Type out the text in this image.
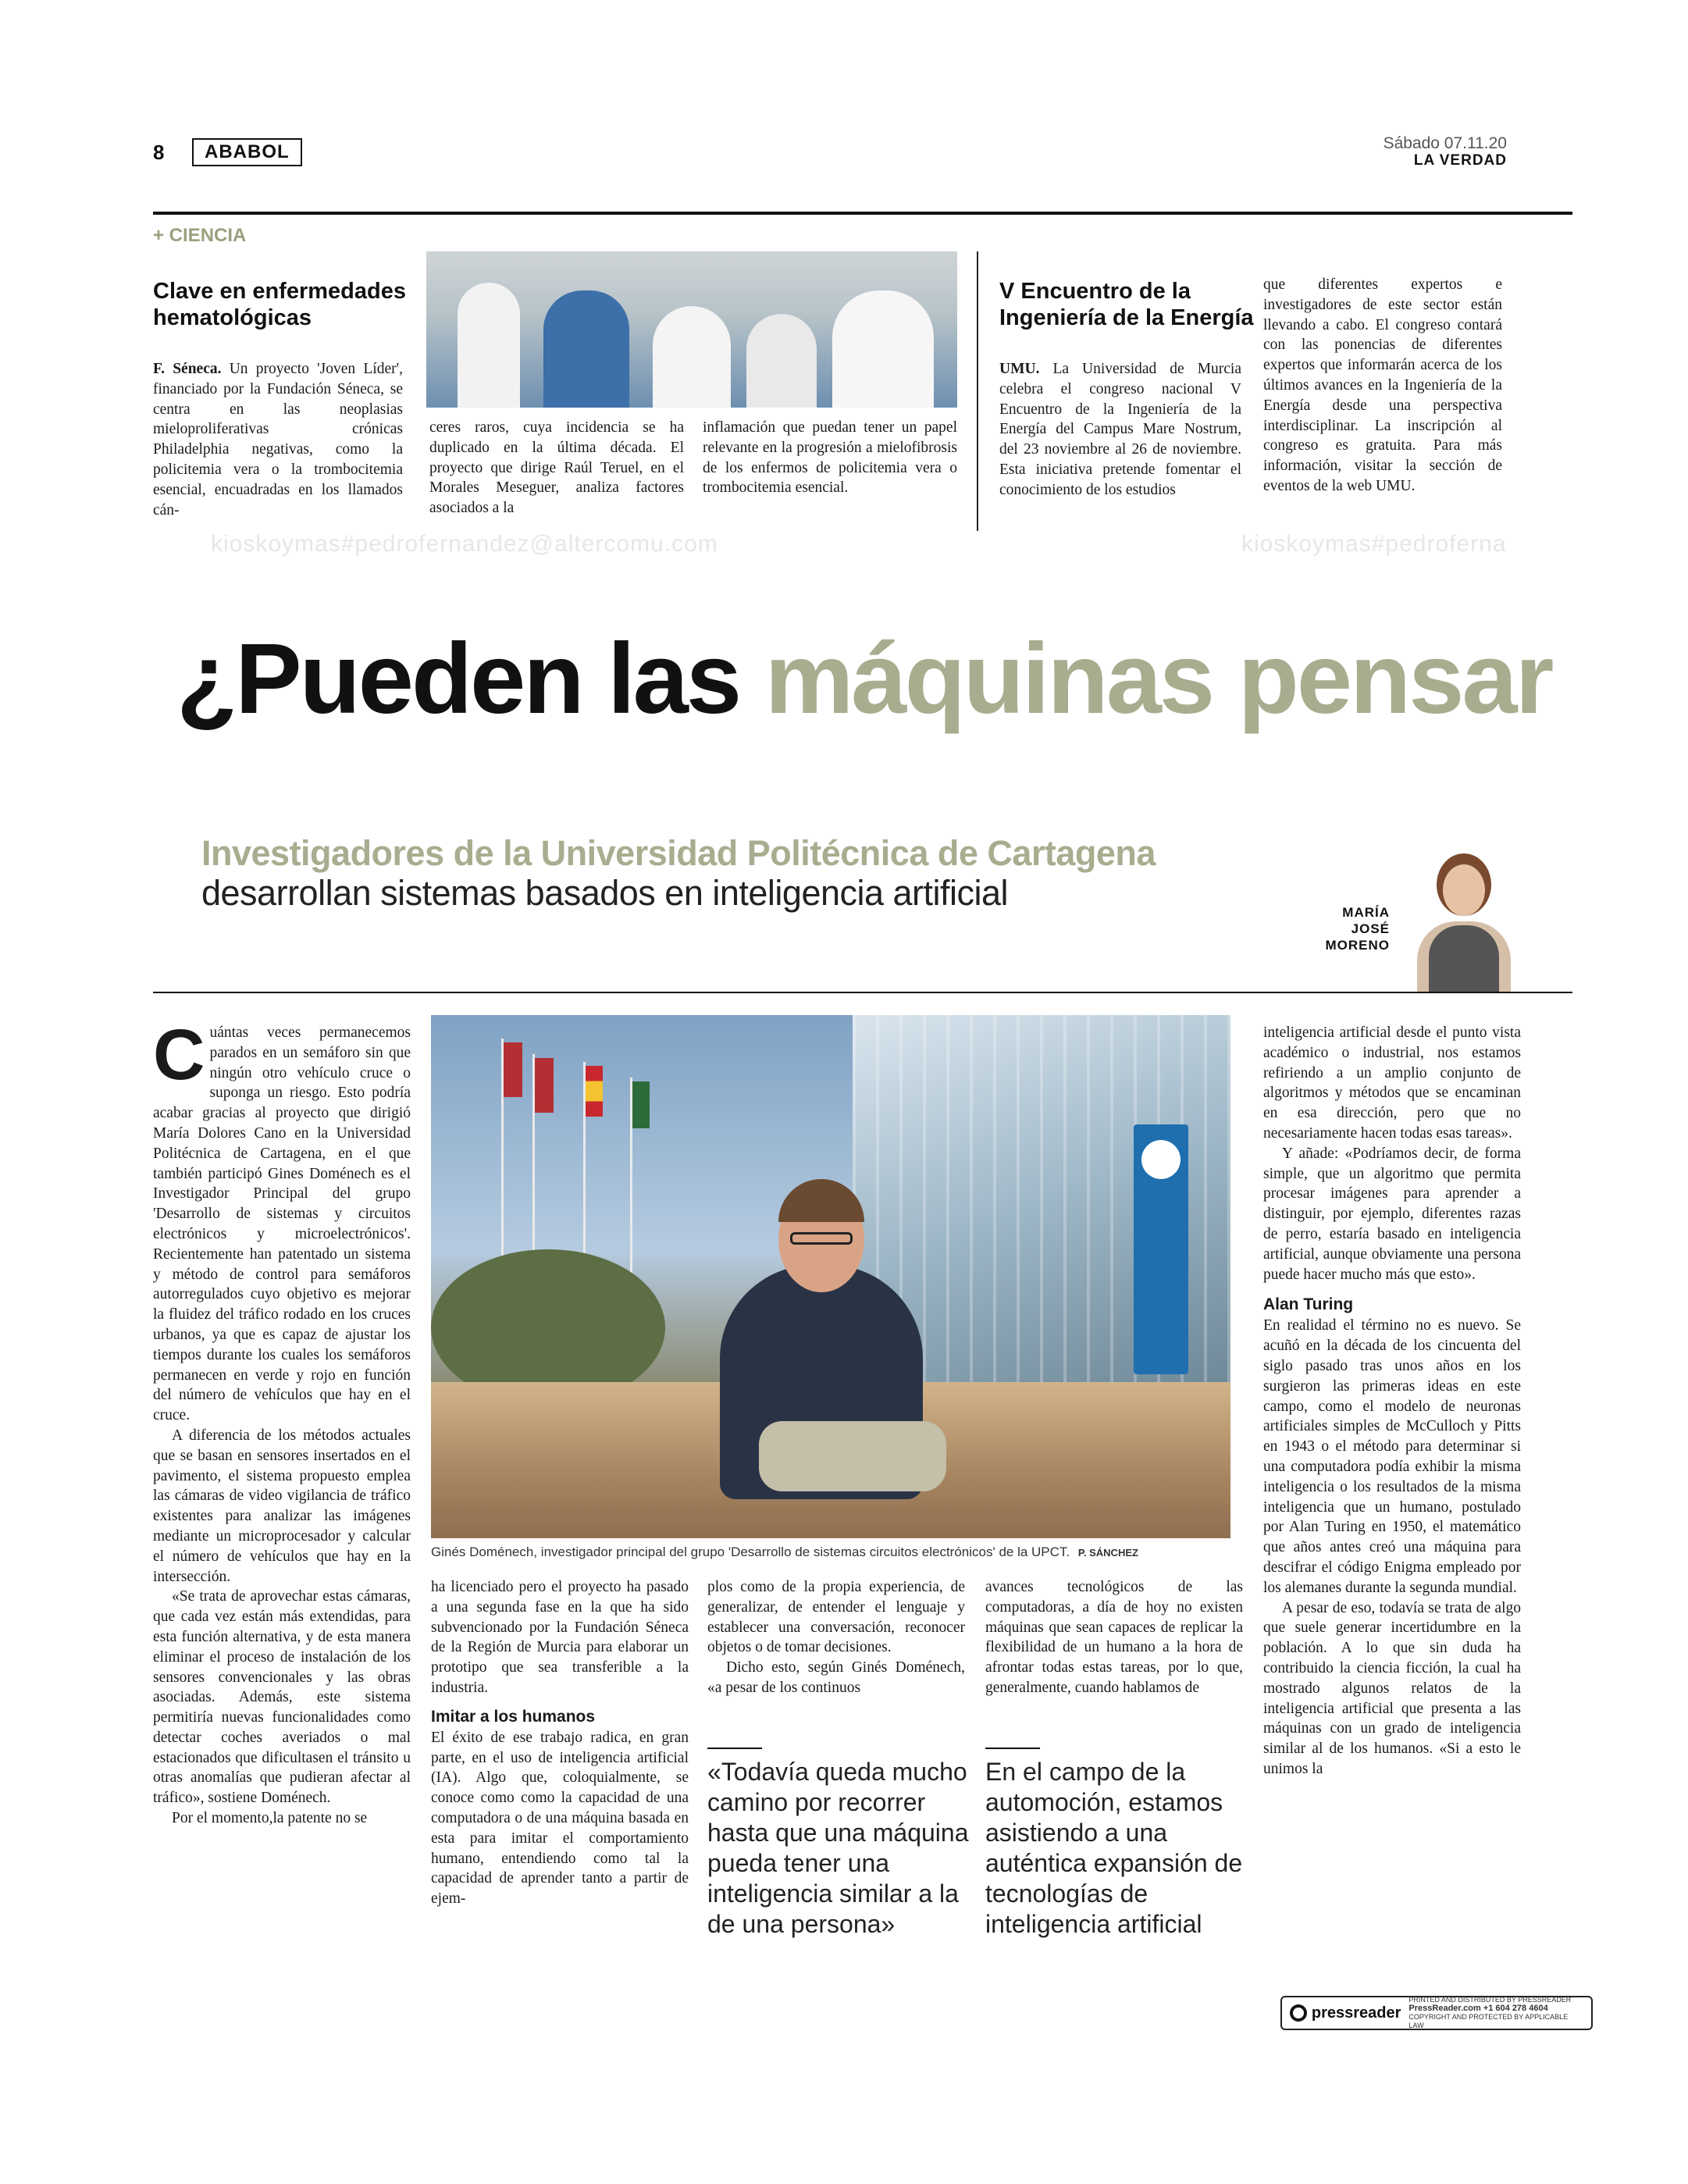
8	ABABOL	Sábado 07.11.20
LA VERDAD
+ CIENCIA
Clave en enfermedades hematológicas

F. Séneca. Un proyecto 'Joven Líder', financiado por la Fundación Séneca, se centra en las neoplasias mieloproliferativas crónicas Philadelphia negativas, como la policitemia vera o la trombocitemia esencial, encuadradas en los llamados cán-

ceres raros, cuya incidencia se ha duplicado en la última década. El proyecto que dirige Raúl Teruel, en el Morales Meseguer, analiza factores asociados a la

inflamación que puedan tener un papel relevante en la progresión a mielofibrosis de los enfermos de policitemia vera o trombocitemia esencial.

V Encuentro de la Ingeniería de la Energía

UMU. La Universidad de Murcia celebra el congreso nacional V Encuentro de la Ingeniería de la Energía del Campus Mare Nostrum, del 23 noviembre al 26 de noviembre. Esta iniciativa pretende fomentar el conocimiento de los estudios

que diferentes expertos e investigadores de este sector están llevando a cabo. El congreso contará con las ponencias de diferentes expertos que informarán acerca de los últimos avances en la Ingeniería de la Energía desde una perspectiva interdisciplinar. La inscripción al congreso es gratuita. Para más información, visitar la sección de eventos de la web UMU.

kioskoymas#pedrofernandez@altercomu.com	kioskoymas#pedroferna
¿Pueden las máquinas pensar
Investigadores de la Universidad Politécnica de Cartagena
desarrollan sistemas basados en inteligencia artificial	MARÍA
JOSÉ
MORENO
Ginés Doménech, investigador principal del grupo 'Desarrollo de sistemas circuitos electrónicos' de la UPCT. P. SÁNCHEZ

Cuántas veces permanecemos parados en un semáforo sin que ningún otro vehículo cruce o suponga un riesgo. Esto podría acabar gracias al proyecto que dirigió María Dolores Cano en la Universidad Politécnica de Cartagena, en el que también participó Gines Doménech es el Investigador Principal del grupo 'Desarrollo de sistemas y circuitos electrónicos y microelectrónicos'. Recientemente han patentado un sistema y método de control para semáforos autorregulados cuyo objetivo es mejorar la fluidez del tráfico rodado en los cruces urbanos, ya que es capaz de ajustar los tiempos durante los cuales los semáforos permanecen en verde y rojo en función del número de vehículos que hay en el cruce.

A diferencia de los métodos actuales que se basan en sensores insertados en el pavimento, el sistema propuesto emplea las cámaras de video vigilancia de tráfico existentes para analizar las imágenes mediante un microprocesador y calcular el número de vehículos que hay en la intersección.

«Se trata de aprovechar estas cámaras, que cada vez están más extendidas, para esta función alternativa, y de esta manera eliminar el proceso de instalación de los sensores convencionales y las obras asociadas. Además, este sistema permitiría nuevas funcionalidades como detectar coches averiados o mal estacionados que dificultasen el tránsito u otras anomalías que pudieran afectar al tráfico», sostiene Doménech.

Por el momento,la patente no se

ha licenciado pero el proyecto ha pasado a una segunda fase en la que ha sido subvencionado por la Fundación Séneca de la Región de Murcia para elaborar un prototipo que sea transferible a la industria.

Imitar a los humanos

El éxito de ese trabajo radica, en gran parte, en el uso de inteligencia artificial (IA). Algo que, coloquialmente, se conoce como como la capacidad de una computadora o de una máquina basada en esta para imitar el comportamiento humano, entendiendo como tal la capacidad de aprender tanto a partir de ejem-

plos como de la propia experiencia, de generalizar, de entender el lenguaje y establecer una conversación, reconocer objetos o de tomar decisiones.

Dicho esto, según Ginés Doménech, «a pesar de los continuos

avances tecnológicos de las computadoras, a día de hoy no existen máquinas que sean capaces de replicar la flexibilidad de un humano a la hora de afrontar todas estas tareas, por lo que, generalmente, cuando hablamos de

«Todavía queda mucho camino por recorrer hasta que una máquina pueda tener una inteligencia similar a la de una persona»
En el campo de la automoción, estamos asistiendo a una auténtica expansión de tecnologías de inteligencia artificial

inteligencia artificial desde el punto vista académico o industrial, nos estamos refiriendo a un amplio conjunto de algoritmos y métodos que se encaminan en esa dirección, pero que no necesariamente hacen todas esas tareas».

Y añade: «Podríamos decir, de forma simple, que un algoritmo que permita procesar imágenes para aprender a distinguir, por ejemplo, diferentes razas de perro, estaría basado en inteligencia artificial, aunque obviamente una persona puede hacer mucho más que esto».

Alan Turing

En realidad el término no es nuevo. Se acuñó en la década de los cincuenta del siglo pasado tras unos años en los surgieron las primeras ideas en este campo, como el modelo de neuronas artificiales simples de McCulloch y Pitts en 1943 o el método para determinar si una computadora podía exhibir la misma inteligencia o los resultados de la misma inteligencia que un humano, postulado por Alan Turing en 1950, el matemático que años antes creó una máquina para descifrar el código Enigma empleado por los alemanes durante la segunda mundial.

A pesar de eso, todavía se trata de algo que suele generar incertidumbre en la población. A lo que sin duda ha contribuido la ciencia ficción, la cual ha mostrado algunos relatos de la inteligencia artificial que presenta a las máquinas con un grado de inteligencia similar al de los humanos. «Si a esto le unimos la

pressreader
PRINTED AND DISTRIBUTED BY PRESSREADER
PressReader.com +1 604 278 4604
COPYRIGHT AND PROTECTED BY APPLICABLE LAW
